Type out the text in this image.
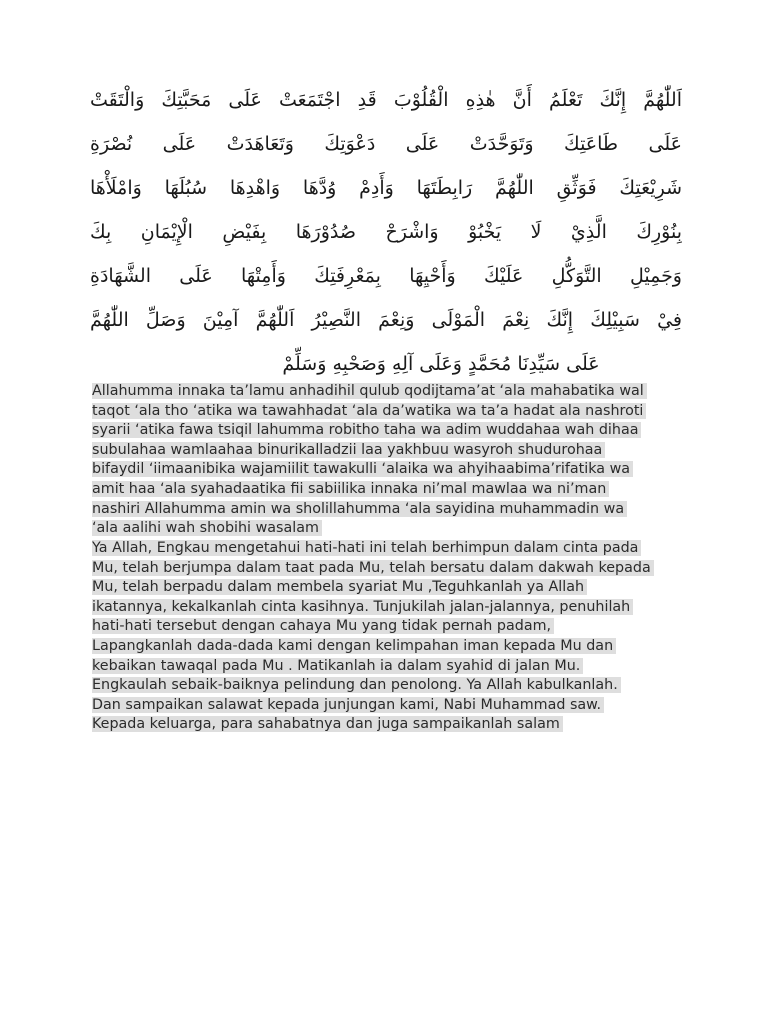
اَللّٰهُمَّ إِنَّكَ تَعْلَمُ أَنَّ هٰذِهِ الْقُلُوْبَ قَدِ اجْتَمَعَتْ عَلَى مَحَبَّتِكَ وَالْتَقَتْ
عَلَى طَاعَتِكَ وَتَوَحَّدَتْ عَلَى دَعْوَتِكَ وَتَعَاهَدَتْ عَلَى نُصْرَةِ
شَرِيْعَتِكَ فَوَثِّقِ اللّٰهُمَّ رَابِطَتَهَا وَأَدِمْ وُدَّهَا وَاهْدِهَا سُبُلَهَا وَامْلَأْهَا
بِنُوْرِكَ الَّذِيْ لَا يَخْبُوْ وَاشْرَحْ صُدُوْرَهَا بِفَيْضِ الْإِيْمَانِ بِكَ
وَجَمِيْلِ التَّوَكُّلِ عَلَيْكَ وَأَحْيِهَا بِمَعْرِفَتِكَ وَأَمِتْهَا عَلَى الشَّهَادَةِ
فِيْ سَبِيْلِكَ إِنَّكَ نِعْمَ الْمَوْلَى وَنِعْمَ النَّصِيْرُ اَللّٰهُمَّ آمِيْنَ وَصَلِّ اللّٰهُمَّ
عَلَى سَيِّدِنَا مُحَمَّدٍ وَعَلَى آلِهِ وَصَحْبِهِ وَسَلِّمْ
Allahumma innaka ta’lamu anhadihil qulub qodijtama’at ‘ala mahabatika wal
taqot ‘ala tho ‘atika wa tawahhadat ‘ala da’watika wa ta’a hadat ala nashroti
syarii ‘atika fawa tsiqil lahumma robitho taha wa adim wuddahaa wah dihaa
subulahaa wamlaahaa binurikalladzii laa yakhbuu wasyroh shudurohaa
bifaydil ‘iimaanibika wajamiilit tawakulli ‘alaika wa ahyihaabima’rifatika wa
amit haa ‘ala syahadaatika fii sabiilika innaka ni’mal mawlaa wa ni’man
nashiri Allahumma amin wa sholillahumma ‘ala sayidina muhammadin wa
‘ala aalihi wah shobihi wasalam
Ya Allah, Engkau mengetahui hati-hati ini telah berhimpun dalam cinta pada
Mu, telah berjumpa dalam taat pada Mu, telah bersatu dalam dakwah kepada
Mu, telah berpadu dalam membela syariat Mu ,Teguhkanlah ya Allah
ikatannya, kekalkanlah cinta kasihnya. Tunjukilah jalan-jalannya, penuhilah
hati-hati tersebut dengan cahaya Mu yang tidak pernah padam,
Lapangkanlah dada-dada kami dengan kelimpahan iman kepada Mu dan
kebaikan tawaqal pada Mu . Matikanlah ia dalam syahid di jalan Mu.
Engkaulah sebaik-baiknya pelindung dan penolong. Ya Allah kabulkanlah.
Dan sampaikan salawat kepada junjungan kami, Nabi Muhammad saw.
Kepada keluarga, para sahabatnya dan juga sampaikanlah salam
